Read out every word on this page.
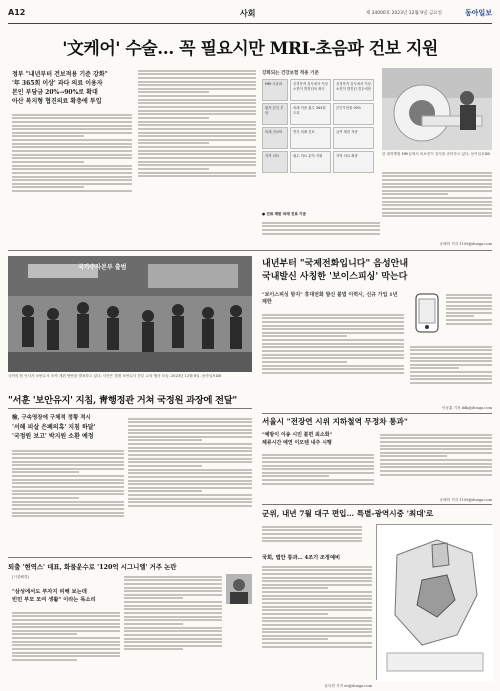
A12	사회	제 34000호 2023년 12월 9일 금요일	동아일보
'文케어' 수술… 꼭 필요시만 MRI-초음파 건보 지원
정부 "내년부터 건보적용 기준 강화"
'年 365회 이상' 과다 의료 이용자
본인 부담금 20%→90%로 확대
아산 복지형 협진의료 확충에 투입
강화되는 건강보험 적용 기준
MRI·초음파	신경학적 검사에서 이상 소견이 발견되어 확인
신경학적 검사에서 이상 소견이 발견된 경우에만
환자 본인 부담
외래 이용 횟수 365회 초과
본인부담률 90%
외래 진료비	연간 외래 진료	급여 제한 적용
지역 의료	필수 의료 분야 지원	지역 의료 확충	한 대학병원 MRI실에서 의료진이 검사를 준비하고 있다. 동아일보DB
● 진료 제한 외래 진료 기준
송혜미 기자 1109@donga.com
국가수사본부 출범
국민의 힘 인사가 보안수사 조직 개편 방안을 발표하고 있다. 사진은 경찰 보안수사 간부 교육 행사 모습. 2023년 12월 8일. 동아일보DB
"서훈 '보안유지' 지침, 靑행정관 거쳐 국정원 과장에 전달"
내년부터 "국제전화입니다" 음성안내
국내발신 사칭한 '보이스피싱' 막는다
"보이스피싱 방지" 휴대전화 발신 불법 이력시, 신규 가입 1년 제한
이동훈 기자 ddk@donga.com
檢, 구속영장에 구체적 정황 적시
'서해 피살 은폐의혹' 지침 하달'
'국정원 보고' 박지원 소환 예정
퇴출 '현역스' 대표, 화물운수로 '120억 시그니엘' 거주 논란
[시설해결]
"삼성에서도 부자지 피해 보는데
빈민 부모 모여 생활" 이라는 목소리
서울시 "전장연 시위 지하철역 무정차 통과"
"예방이 이송 시민 불편 최소화"
체류시간 예연 이모텐 내주 시행
송혜미 기자 1109@donga.com
군위, 내년 7월 대구 편입… 특별-광역시중 '최대'로
국회, 법안 통과… 4조기 조정예비
윤다빈 기자 ee@donga.com
